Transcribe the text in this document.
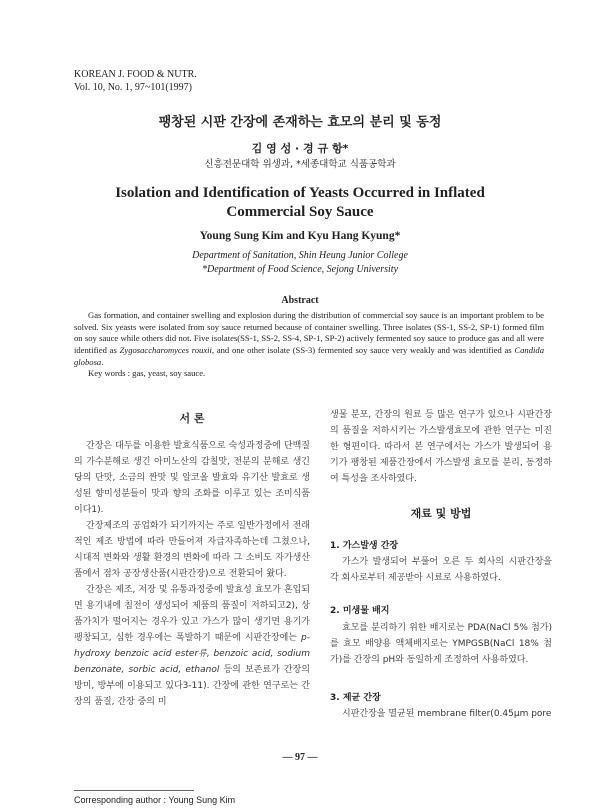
KOREAN J. FOOD & NUTR.
Vol. 10, No. 1, 97~101(1997)
팽창된 시판 간장에 존재하는 효모의 분리 및 동정
김 영 성 · 경 규 항*
신흥전문대학 위생과, *세종대학교 식품공학과
Isolation and Identification of Yeasts Occurred in Inflated
Commercial Soy Sauce
Young Sung Kim and Kyu Hang Kyung*
Department of Sanitation, Shin Heung Junior College
*Department of Food Science, Sejong University
Abstract
Gas formation, and container swelling and explosion during the distribution of commercial soy sauce is an important problem to be solved. Six yeasts were isolated from soy sauce returned because of container swelling. Three isolates (SS-1, SS-2, SP-1) formed film on soy sauce while others did not. Five isolates(SS-1, SS-2, SS-4, SP-1, SP-2) actively fermented soy sauce to produce gas and all were identified as Zygosaccharomyces rouxii, and one other isolate (SS-3) fermented soy sauce very weakly and was identified as Candida globosa.
Key words : gas, yeast, soy sauce.
서 론

간장은 대두를 이용한 발효식품으로 숙성과정중에 단백질의 가수분해로 생긴 아미노산의 감칠맛, 전분의 분해로 생긴 당의 단맛, 소금의 짠맛 및 알코올 발효와 유기산 발효로 생성된 향미성분들이 맛과 향의 조화를 이루고 있는 조미식품이다1).

간장제조의 공업화가 되기까지는 주로 일반가정에서 전래적인 제조 방법에 따라 만들어져 자급자족하는데 그쳤으나, 시대적 변화와 생활 환경의 변화에 따라 그 소비도 자가생산품에서 점차 공장생산품(시판간장)으로 전환되어 왔다.

간장은 제조, 저장 및 유통과정중에 발효성 효모가 혼입되면 용기내에 침전이 생성되어 제품의 품질이 저하되고2), 상품가치가 떨어지는 경우가 있고 가스가 많이 생기면 용기가 팽창되고, 심한 경우에는 폭발하기 때문에 시판간장에는 p-hydroxy benzoic acid ester류, benzoic acid, sodium benzonate, sorbic acid, ethanol 등의 보존료가 간장의 방미, 방부에 이용되고 있다3-11). 간장에 관한 연구로는 간장의 품질, 간장 중의 미

생물 분포, 간장의 원료 등 많은 연구가 있으나 시판간장의 품질을 저하시키는 가스발생효모에 관한 연구는 미진한 형편이다. 따라서 본 연구에서는 가스가 발생되어 용기가 팽창된 제품간장에서 가스발생 효모를 분리, 동정하여 특성을 조사하였다.

재료 및 방법
1. 가스발생 간장

가스가 발생되어 부풀어 오른 두 회사의 시판간장을 각 회사로부터 제공받아 시료로 사용하였다.

2. 미생물 배지

효모를 분리하기 위한 배지로는 PDA(NaCl 5% 첨가)를 효모 배양용 액체배지로는 YMPGSB(NaCl 18% 첨가)를 간장의 pH와 동일하게 조정하여 사용하였다.

3. 제균 간장

시판간장을 멸균된 membrane filter(0.45μm pore

Corresponding author : Young Sung Kim
— 97 —
